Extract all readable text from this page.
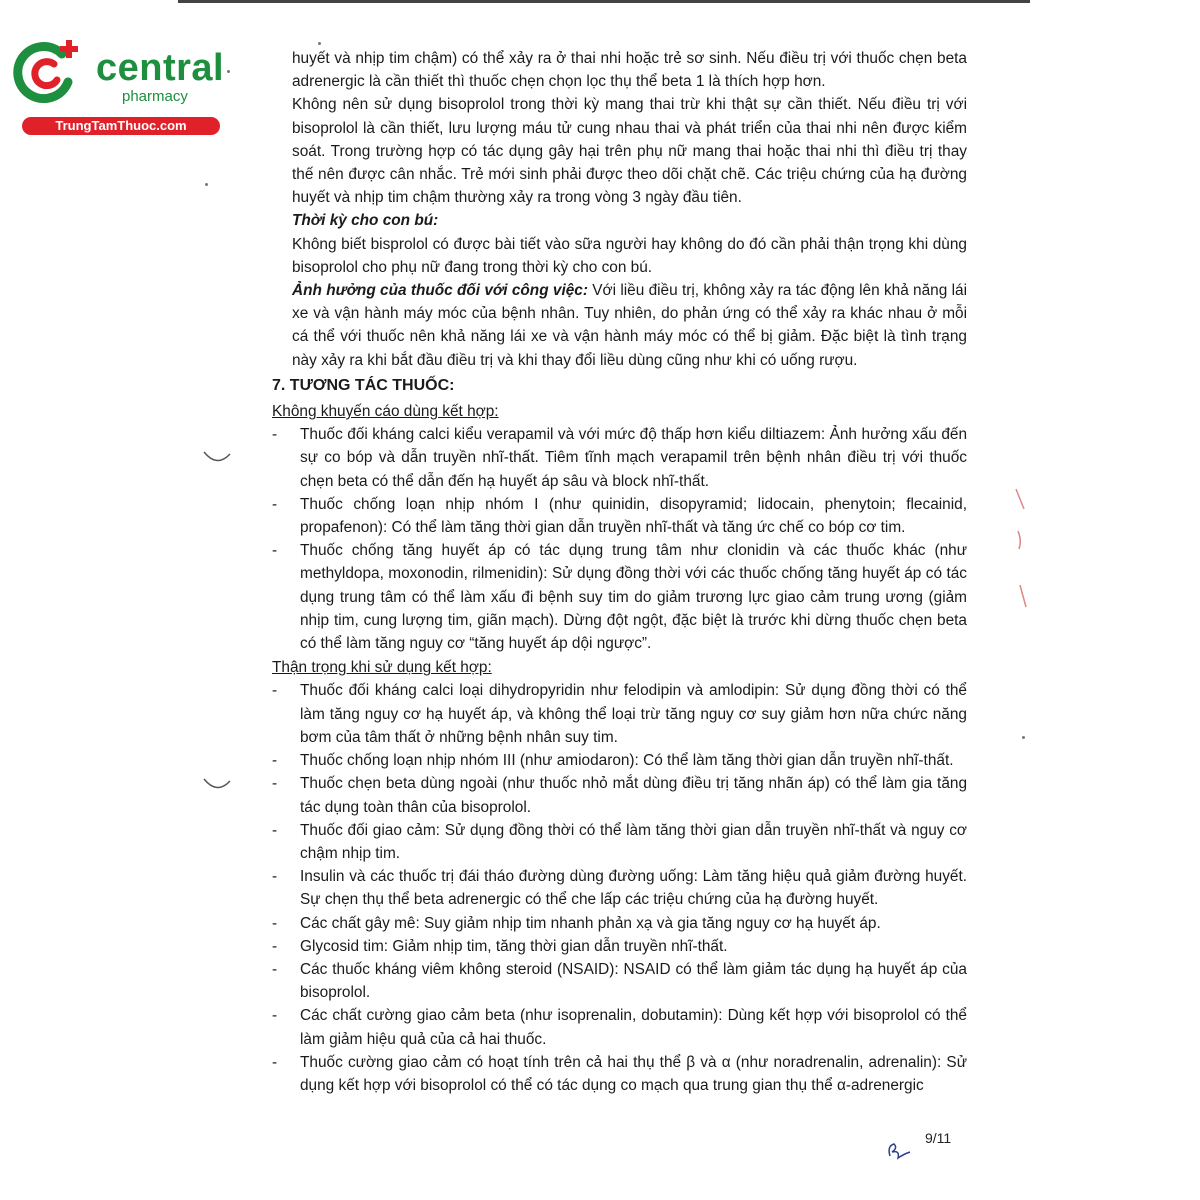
central
pharmacy
TrungTamThuoc.com

huyết và nhịp tim chậm) có thể xảy ra ở thai nhi hoặc trẻ sơ sinh. Nếu điều trị với thuốc chẹn beta adrenergic là cần thiết thì thuốc chẹn chọn lọc thụ thể beta 1 là thích hợp hơn.

Không nên sử dụng bisoprolol trong thời kỳ mang thai trừ khi thật sự cần thiết. Nếu điều trị với bisoprolol là cần thiết, lưu lượng máu tử cung nhau thai và phát triển của thai nhi nên được kiểm soát. Trong trường hợp có tác dụng gây hại trên phụ nữ mang thai hoặc thai nhi thì điều trị thay thế nên được cân nhắc. Trẻ mới sinh phải được theo dõi chặt chẽ. Các triệu chứng của hạ đường huyết và nhịp tim chậm thường xảy ra trong vòng 3 ngày đầu tiên.

Thời kỳ cho con bú:

Không biết bisprolol có được bài tiết vào sữa người hay không do đó cần phải thận trọng khi dùng bisoprolol cho phụ nữ đang trong thời kỳ cho con bú.

Ảnh hưởng của thuốc đối với công việc: Với liều điều trị, không xảy ra tác động lên khả năng lái xe và vận hành máy móc của bệnh nhân. Tuy nhiên, do phản ứng có thể xảy ra khác nhau ở mỗi cá thể với thuốc nên khả năng lái xe và vận hành máy móc có thể bị giảm. Đặc biệt là tình trạng này xảy ra khi bắt đầu điều trị và khi thay đổi liều dùng cũng như khi có uống rượu.

7. TƯƠNG TÁC THUỐC:

Không khuyến cáo dùng kết hợp:

-	Thuốc đối kháng calci kiểu verapamil và với mức độ thấp hơn kiểu diltiazem: Ảnh hưởng xấu đến sự co bóp và dẫn truyền nhĩ-thất. Tiêm tĩnh mạch verapamil trên bệnh nhân điều trị với thuốc chẹn beta có thể dẫn đến hạ huyết áp sâu và block nhĩ-thất.
-	Thuốc chống loạn nhịp nhóm I (như quinidin, disopyramid; lidocain, phenytoin; flecainid, propafenon): Có thể làm tăng thời gian dẫn truyền nhĩ-thất và tăng ức chế co bóp cơ tim.
-	Thuốc chống tăng huyết áp có tác dụng trung tâm như clonidin và các thuốc khác (như methyldopa, moxonodin, rilmenidin): Sử dụng đồng thời với các thuốc chống tăng huyết áp có tác dụng trung tâm có thể làm xấu đi bệnh suy tim do giảm trương lực giao cảm trung ương (giảm nhịp tim, cung lượng tim, giãn mạch). Dừng đột ngột, đặc biệt là trước khi dừng thuốc chẹn beta có thể làm tăng nguy cơ “tăng huyết áp dội ngược”.

Thận trọng khi sử dụng kết hợp:

-	Thuốc đối kháng calci loại dihydropyridin như felodipin và amlodipin: Sử dụng đồng thời có thể làm tăng nguy cơ hạ huyết áp, và không thể loại trừ tăng nguy cơ suy giảm hơn nữa chức năng bơm của tâm thất ở những bệnh nhân suy tim.
-	Thuốc chống loạn nhịp nhóm III (như amiodaron): Có thể làm tăng thời gian dẫn truyền nhĩ-thất.
-	Thuốc chẹn beta dùng ngoài (như thuốc nhỏ mắt dùng điều trị tăng nhãn áp) có thể làm gia tăng tác dụng toàn thân của bisoprolol.
-	Thuốc đối giao cảm: Sử dụng đồng thời có thể làm tăng thời gian dẫn truyền nhĩ-thất và nguy cơ chậm nhịp tim.
-	Insulin và các thuốc trị đái tháo đường dùng đường uống: Làm tăng hiệu quả giảm đường huyết. Sự chẹn thụ thể beta adrenergic có thể che lấp các triệu chứng của hạ đường huyết.
-	Các chất gây mê: Suy giảm nhịp tim nhanh phản xạ và gia tăng nguy cơ hạ huyết áp.
-	Glycosid tim: Giảm nhịp tim, tăng thời gian dẫn truyền nhĩ-thất.
-	Các thuốc kháng viêm không steroid (NSAID): NSAID có thể làm giảm tác dụng hạ huyết áp của bisoprolol.
-	Các chất cường giao cảm beta (như isoprenalin, dobutamin): Dùng kết hợp với bisoprolol có thể làm giảm hiệu quả của cả hai thuốc.
-	Thuốc cường giao cảm có hoạt tính trên cả hai thụ thể β và α (như noradrenalin, adrenalin): Sử dụng kết hợp với bisoprolol có thể có tác dụng co mạch qua trung gian thụ thể α-adrenergic
9/11
